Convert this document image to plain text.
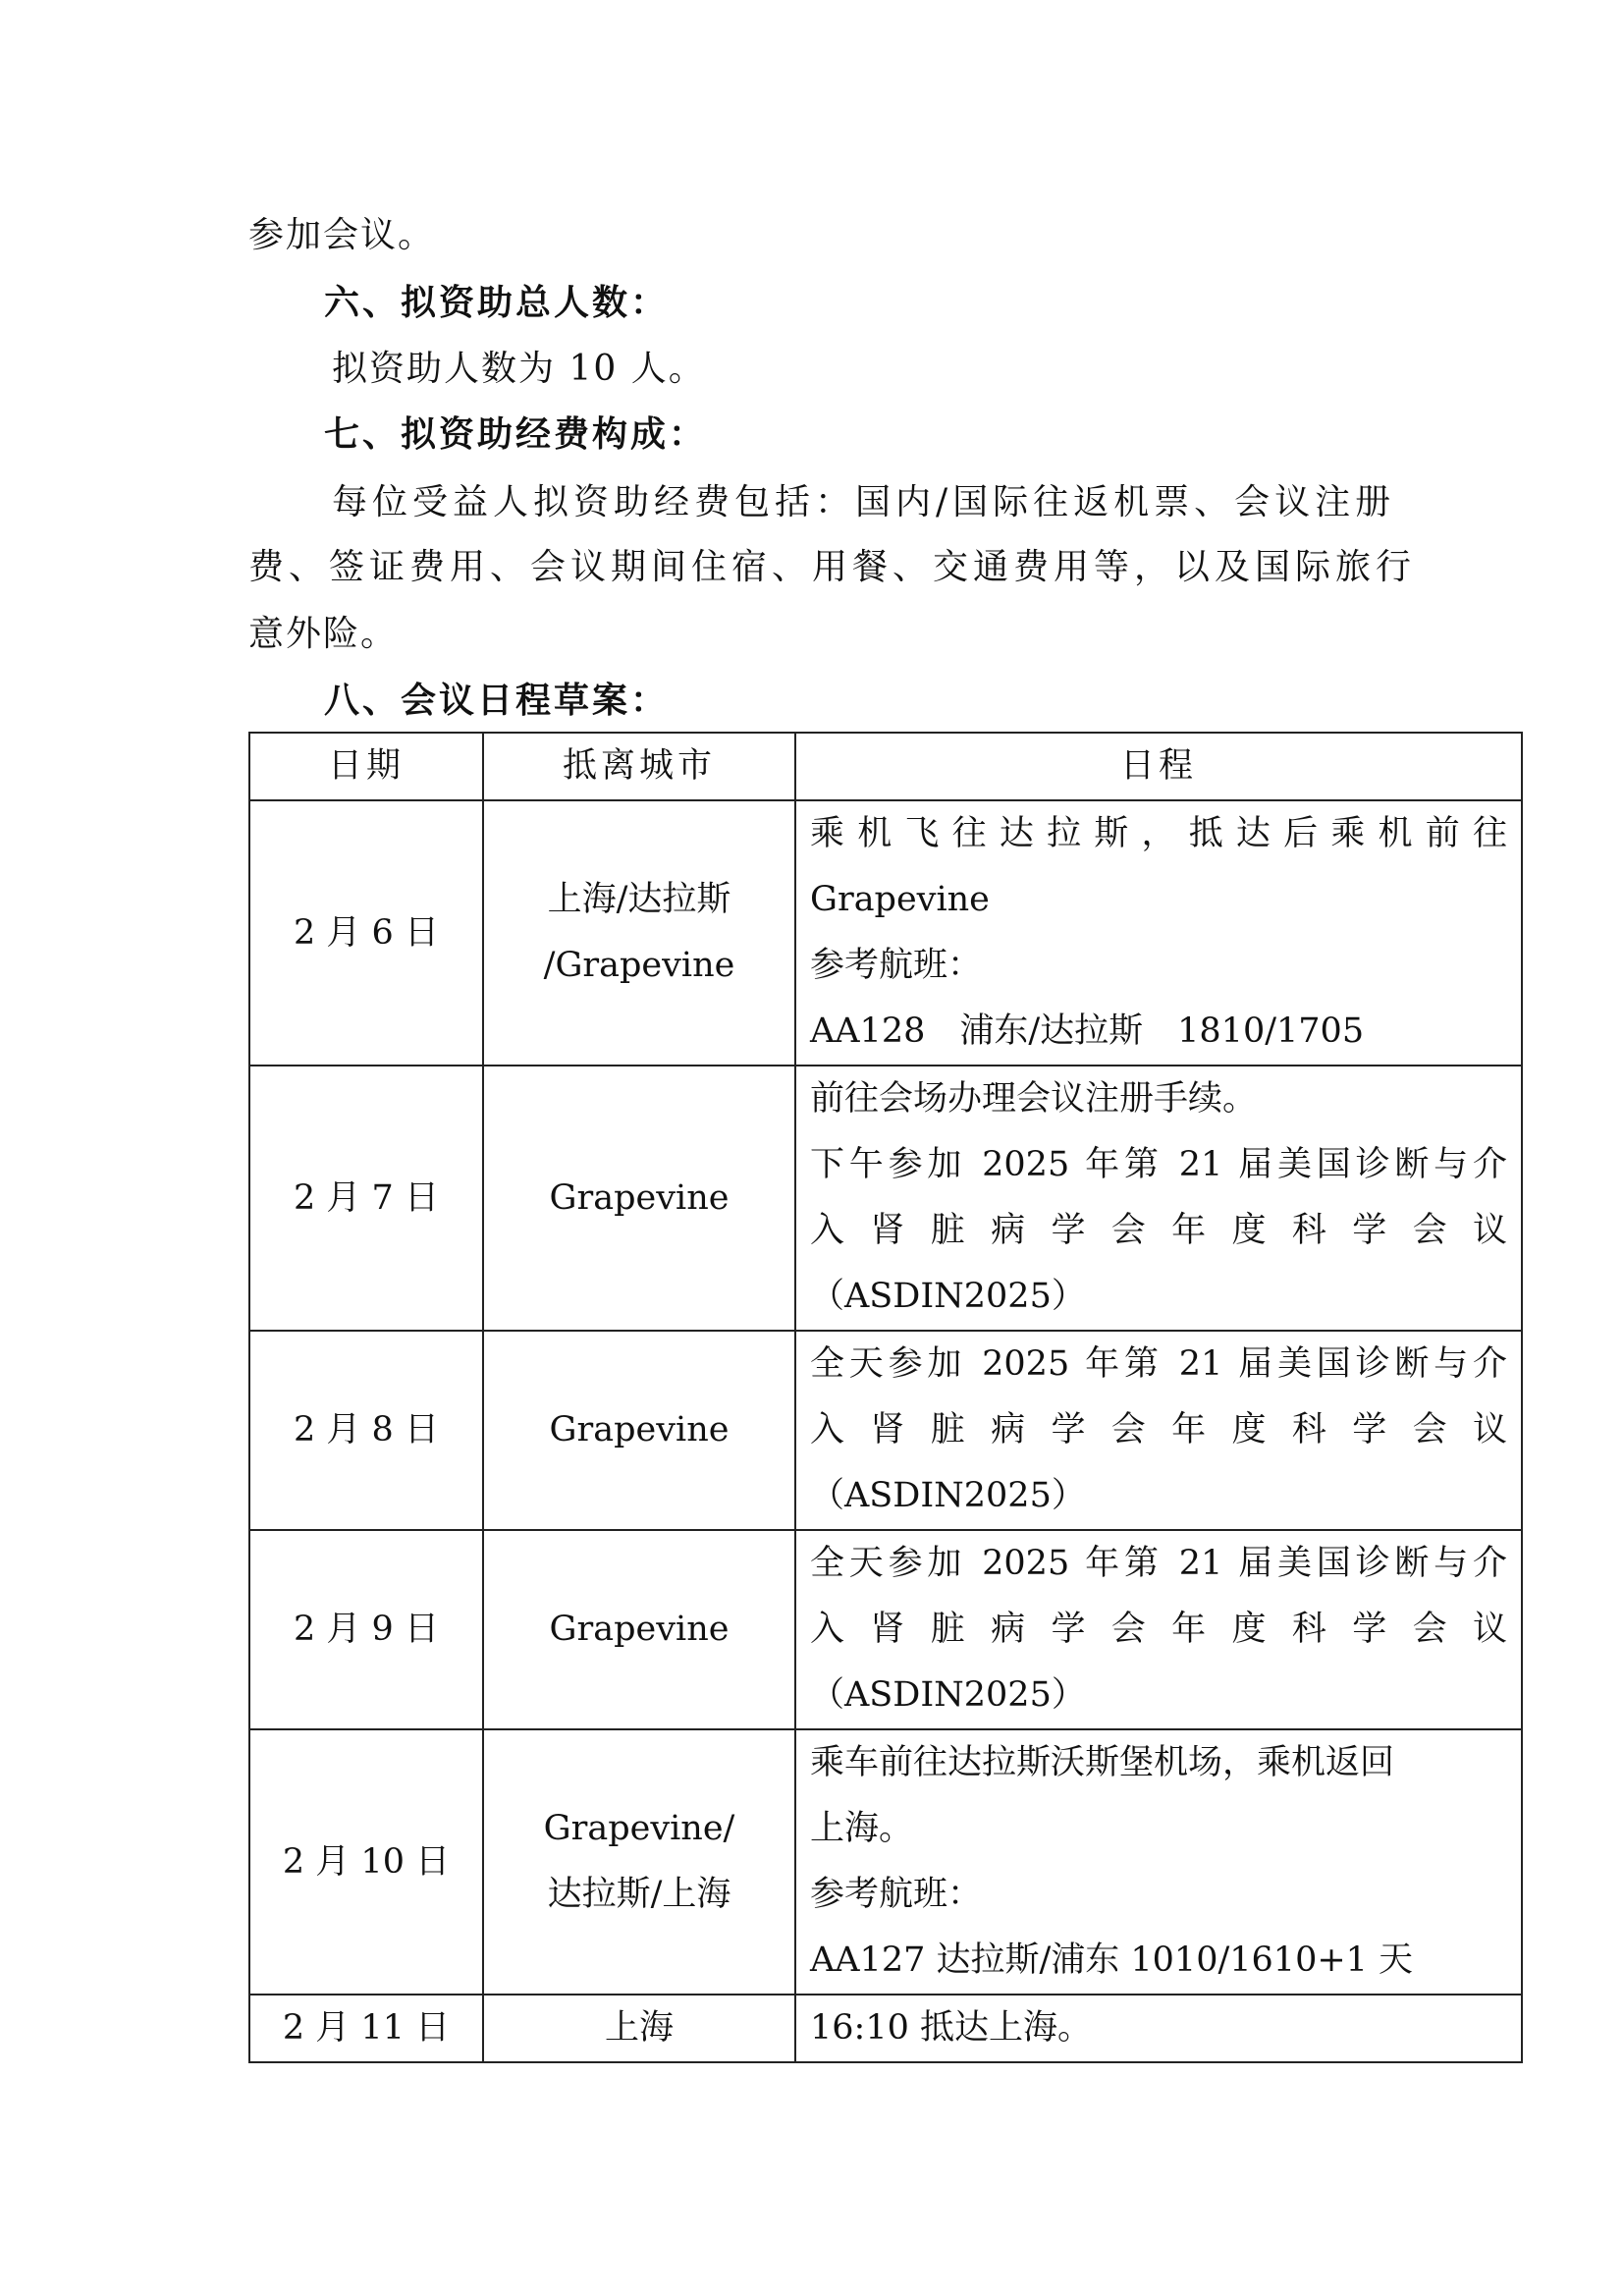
参加会议。
六、拟资助总人数：
拟资助人数为 10 人。
七、拟资助经费构成：
每位受益人拟资助经费包括：国内/国际往返机票、会议注册
费、签证费用、会议期间住宿、用餐、交通费用等，以及国际旅行
意外险。
八、会议日程草案：
日期	抵离城市	日程
2 月 6 日	上海/达拉斯
/Grapevine	乘机飞往达拉斯，抵达后乘机前往
Grapevine
参考航班：
AA128　浦东/达拉斯　1810/1705

2 月 7 日	Grapevine	前往会场办理会议注册手续。
下午参加 2025 年第 21 届美国诊断与介
入肾脏病学会年度科学会议
（ASDIN2025）

2 月 8 日	Grapevine	全天参加 2025 年第 21 届美国诊断与介
入肾脏病学会年度科学会议
（ASDIN2025）

2 月 9 日	Grapevine	全天参加 2025 年第 21 届美国诊断与介
入肾脏病学会年度科学会议
（ASDIN2025）

2 月 10 日	Grapevine/
达拉斯/上海	乘车前往达拉斯沃斯堡机场，乘机返回
上海。
参考航班：
AA127 达拉斯/浦东 1010/1610+1 天

2 月 11 日	上海	16:10 抵达上海。
